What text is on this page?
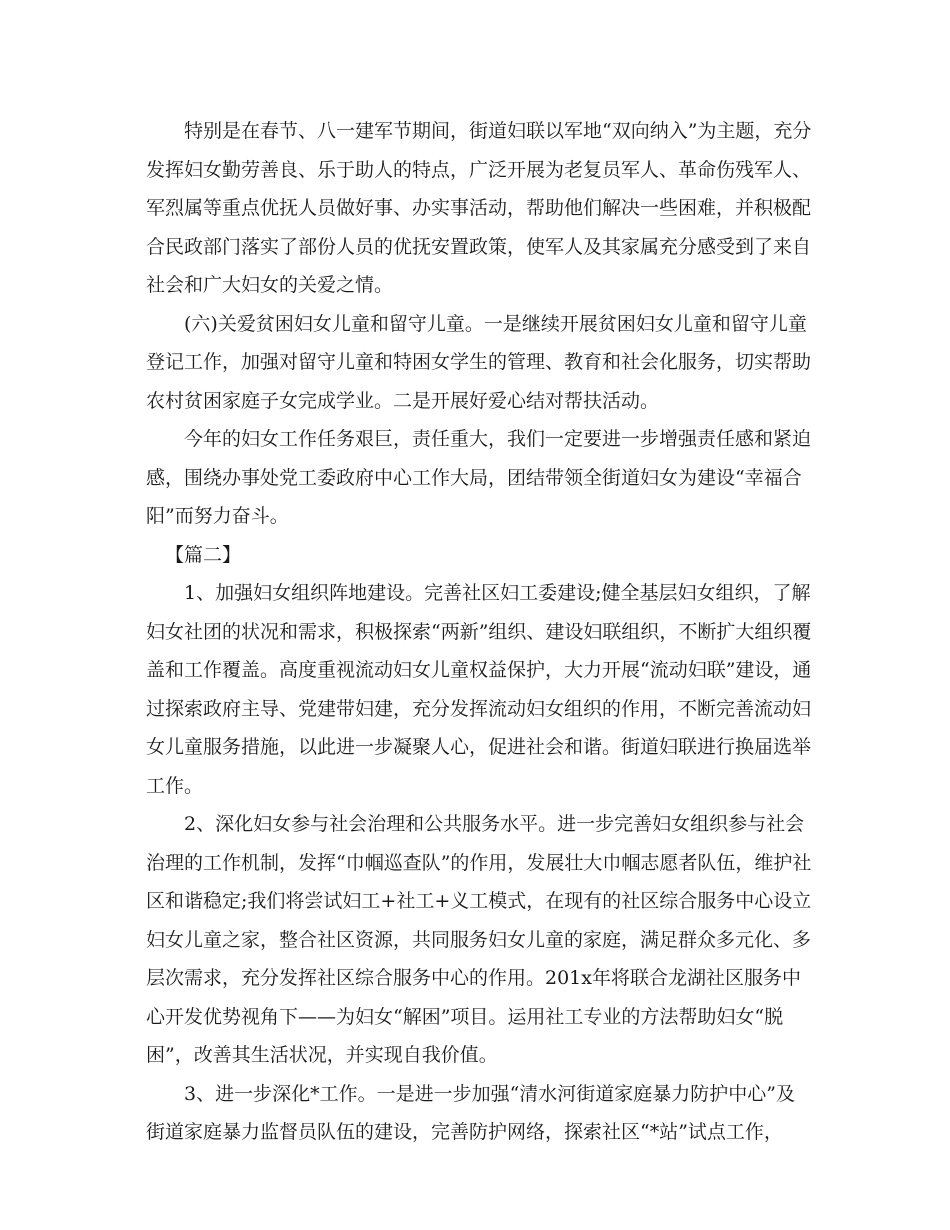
特别是在春节、八一建军节期间，街道妇联以军地“双向纳入”为主题，充分发挥妇女勤劳善良、乐于助人的特点，广泛开展为老复员军人、革命伤残军人、军烈属等重点优抚人员做好事、办实事活动，帮助他们解决一些困难，并积极配合民政部门落实了部份人员的优抚安置政策，使军人及其家属充分感受到了来自社会和广大妇女的关爱之情。

(六)关爱贫困妇女儿童和留守儿童。一是继续开展贫困妇女儿童和留守儿童登记工作，加强对留守儿童和特困女学生的管理、教育和社会化服务，切实帮助农村贫困家庭子女完成学业。二是开展好爱心结对帮扶活动。

今年的妇女工作任务艰巨，责任重大，我们一定要进一步增强责任感和紧迫感，围绕办事处党工委政府中心工作大局，团结带领全街道妇女为建设“幸福合阳”而努力奋斗。

【篇二】

1、加强妇女组织阵地建设。完善社区妇工委建设;健全基层妇女组织，了解妇女社团的状况和需求，积极探索“两新”组织、建设妇联组织，不断扩大组织覆盖和工作覆盖。高度重视流动妇女儿童权益保护，大力开展“流动妇联”建设，通过探索政府主导、党建带妇建，充分发挥流动妇女组织的作用，不断完善流动妇女儿童服务措施，以此进一步凝聚人心，促进社会和谐。街道妇联进行换届选举工作。

2、深化妇女参与社会治理和公共服务水平。进一步完善妇女组织参与社会治理的工作机制，发挥“巾帼巡查队”的作用，发展壮大巾帼志愿者队伍，维护社区和谐稳定;我们将尝试妇工+社工+义工模式，在现有的社区综合服务中心设立妇女儿童之家，整合社区资源，共同服务妇女儿童的家庭，满足群众多元化、多层次需求，充分发挥社区综合服务中心的作用。201x年将联合龙湖社区服务中心开发优势视角下——为妇女“解困”项目。运用社工专业的方法帮助妇女“脱困”，改善其生活状况，并实现自我价值。

3、进一步深化*工作。一是进一步加强“清水河街道家庭暴力防护中心”及街道家庭暴力监督员队伍的建设，完善防护网络，探索社区“*站”试点工作，
